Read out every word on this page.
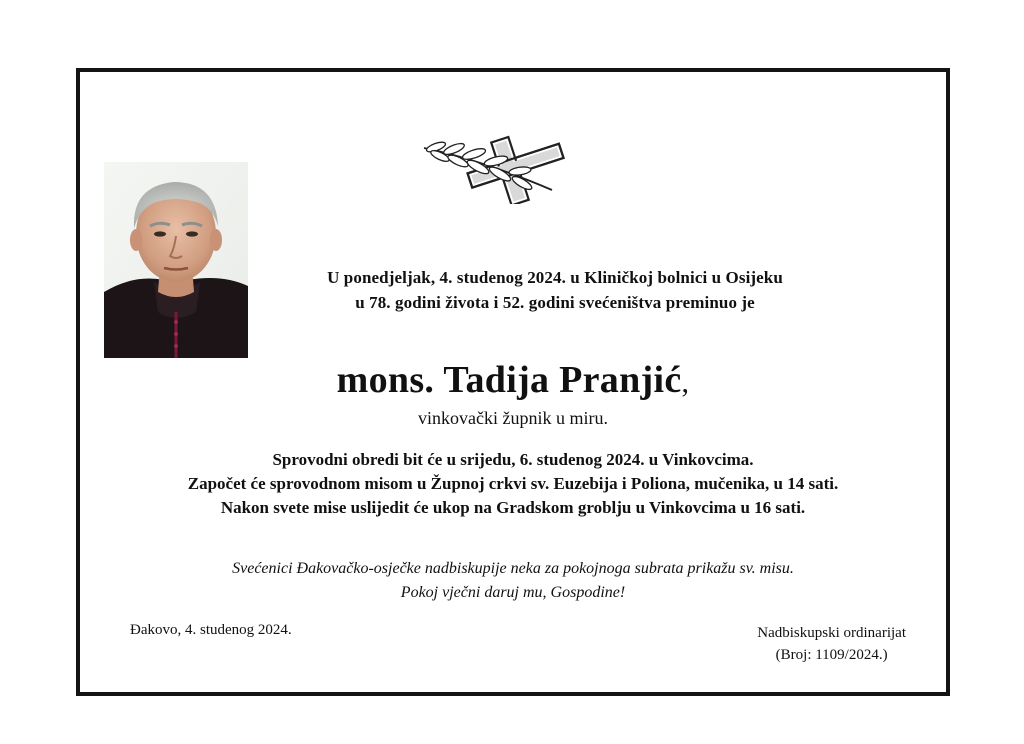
U ponedjeljak, 4. studenog 2024. u Kliničkoj bolnici u Osijeku
u 78. godini života i 52. godini svećeništva preminuo je
mons. Tadija Pranjić,
vinkovački župnik u miru.
Sprovodni obredi bit će u srijedu, 6. studenog 2024. u Vinkovcima.
Započet će sprovodnom misom u Župnoj crkvi sv. Euzebija i Poliona, mučenika, u 14 sati.
Nakon svete mise uslijedit će ukop na Gradskom groblju u Vinkovcima u 16 sati.
Svećenici Đakovačko-osječke nadbiskupije neka za pokojnoga subrata prikažu sv. misu.
Pokoj vječni daruj mu, Gospodine!
Đakovo, 4. studenog 2024.	Nadbiskupski ordinarijat
(Broj: 1109/2024.)
